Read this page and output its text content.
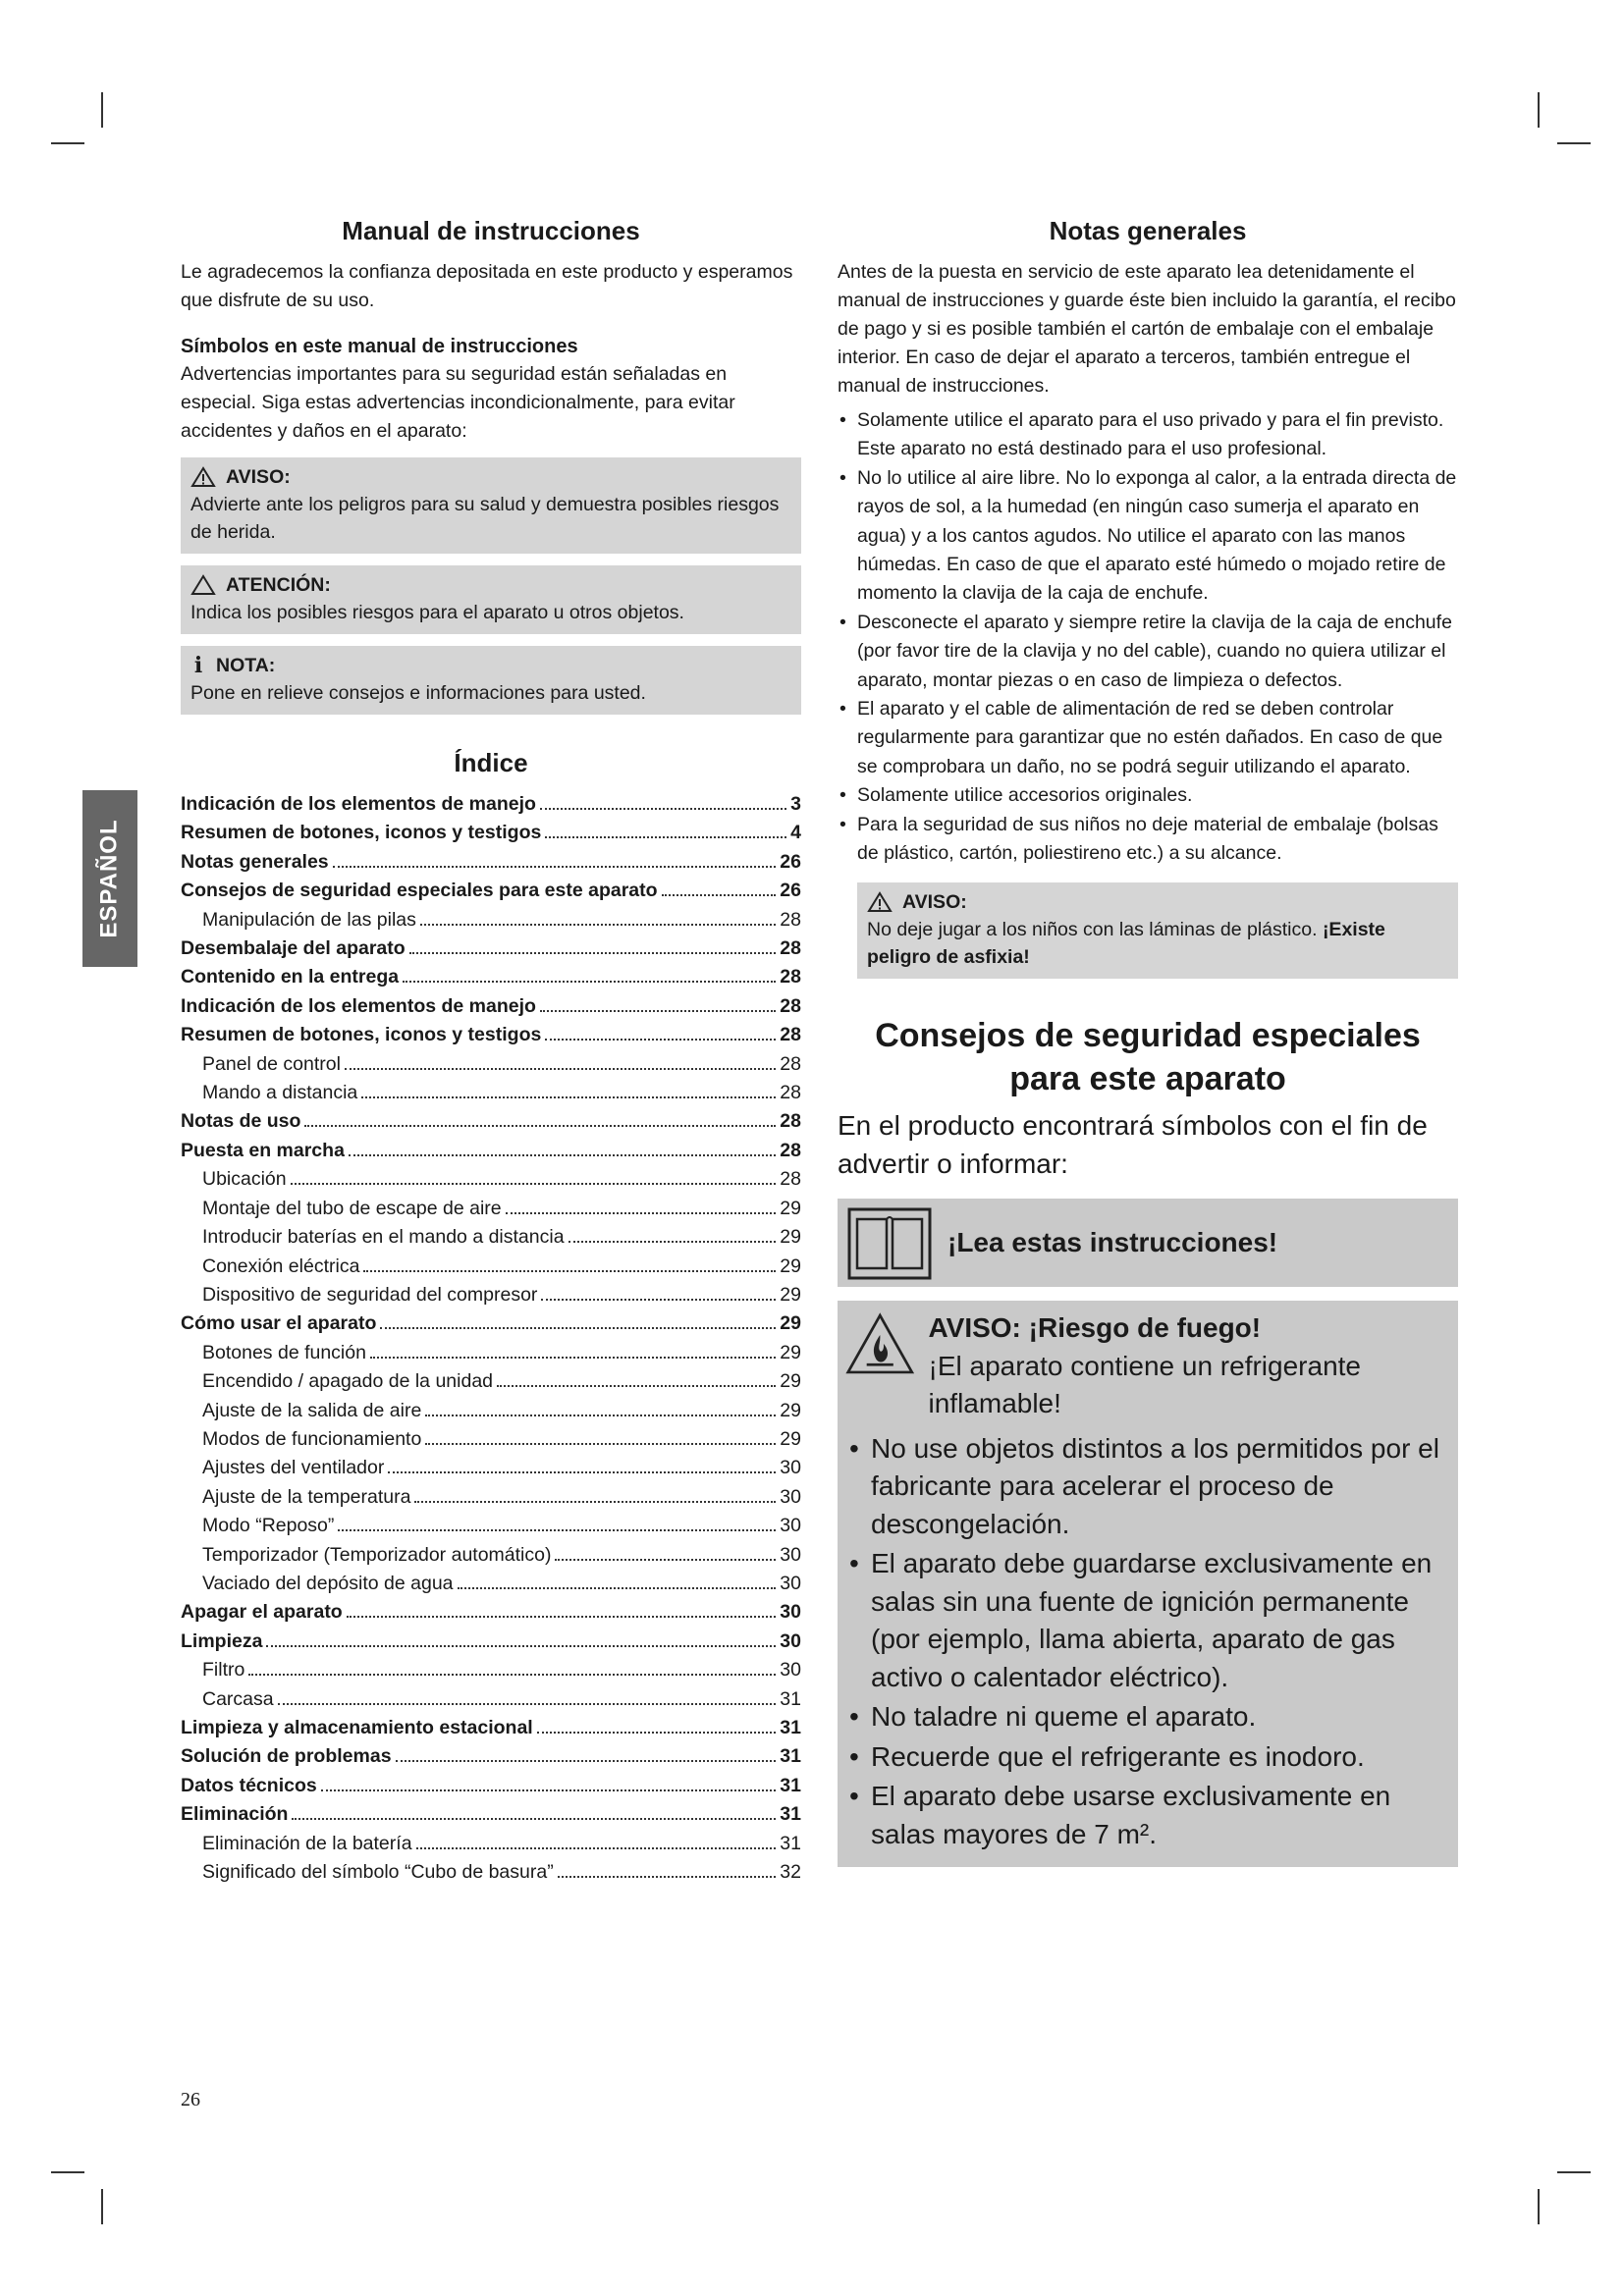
ESPAÑOL
Manual de instrucciones

Le agradecemos la confianza depositada en este producto y esperamos que disfrute de su uso.

Símbolos en este manual de instrucciones

Advertencias importantes para su seguridad están señaladas en especial. Siga estas advertencias incondicionalmente, para evitar accidentes y daños en el aparato:

AVISO:

Advierte ante los peligros para su salud y demuestra posibles riesgos de herida.

ATENCIÓN:

Indica los posibles riesgos para el aparato u otros objetos.

i NOTA:

Pone en relieve consejos e informaciones para usted.

Índice
Indicación de los elementos de manejo	3
Resumen de botones, iconos y testigos	4
Notas generales	26
Consejos de seguridad especiales para este aparato	26
Manipulación de las pilas	28
Desembalaje del aparato	28
Contenido en la entrega	28
Indicación de los elementos de manejo	28
Resumen de botones, iconos y testigos	28
Panel de control	28
Mando a distancia	28
Notas de uso	28
Puesta en marcha	28
Ubicación	28
Montaje del tubo de escape de aire	29
Introducir baterías en el mando a distancia	29
Conexión eléctrica	29
Dispositivo de seguridad del compresor	29
Cómo usar el aparato	29
Botones de función	29
Encendido / apagado de la unidad	29
Ajuste de la salida de aire	29
Modos de funcionamiento	29
Ajustes del ventilador	30
Ajuste de la temperatura	30
Modo “Reposo”	30
Temporizador (Temporizador automático)	30
Vaciado del depósito de agua	30
Apagar el aparato	30
Limpieza	30
Filtro	30
Carcasa	31
Limpieza y almacenamiento estacional	31
Solución de problemas	31
Datos técnicos	31
Eliminación	31
Eliminación de la batería	31
Significado del símbolo “Cubo de basura”	32
Notas generales

Antes de la puesta en servicio de este aparato lea detenidamente el manual de instrucciones y guarde éste bien incluido la garantía, el recibo de pago y si es posible también el cartón de embalaje con el embalaje interior. En caso de dejar el aparato a terceros, también entregue el manual de instrucciones.

• Solamente utilice el aparato para el uso privado y para el fin previsto. Este aparato no está destinado para el uso profesional.
• No lo utilice al aire libre. No lo exponga al calor, a la entrada directa de rayos de sol, a la humedad (en ningún caso sumerja el aparato en agua) y a los cantos agudos. No utilice el aparato con las manos húmedas. En caso de que el aparato esté húmedo o mojado retire de momento la clavija de la caja de enchufe.
• Desconecte el aparato y siempre retire la clavija de la caja de enchufe (por favor tire de la clavija y no del cable), cuando no quiera utilizar el aparato, montar piezas o en caso de limpieza o defectos.
• El aparato y el cable de alimentación de red se deben controlar regularmente para garantizar que no estén dañados. En caso de que se comprobara un daño, no se podrá seguir utilizando el aparato.
• Solamente utilice accesorios originales.
• Para la seguridad de sus niños no deje material de embalaje (bolsas de plástico, cartón, poliestireno etc.) a su alcance.
AVISO:

No deje jugar a los niños con las láminas de plástico. ¡Existe peligro de asfixia!

Consejos de seguridad especiales
para este aparato

En el producto encontrará símbolos con el fin de advertir o informar:

¡Lea estas instrucciones!
AVISO: ¡Riesgo de fuego!
¡El aparato contiene un refrigerante inflamable!
• No use objetos distintos a los permitidos por el fabricante para acelerar el proceso de descongelación.
• El aparato debe guardarse exclusivamente en salas sin una fuente de ignición permanente (por ejemplo, llama abierta, aparato de gas activo o calentador eléctrico).
• No taladre ni queme el aparato.
• Recuerde que el refrigerante es inodoro.
• El aparato debe usarse exclusivamente en salas mayores de 7 m².
26
